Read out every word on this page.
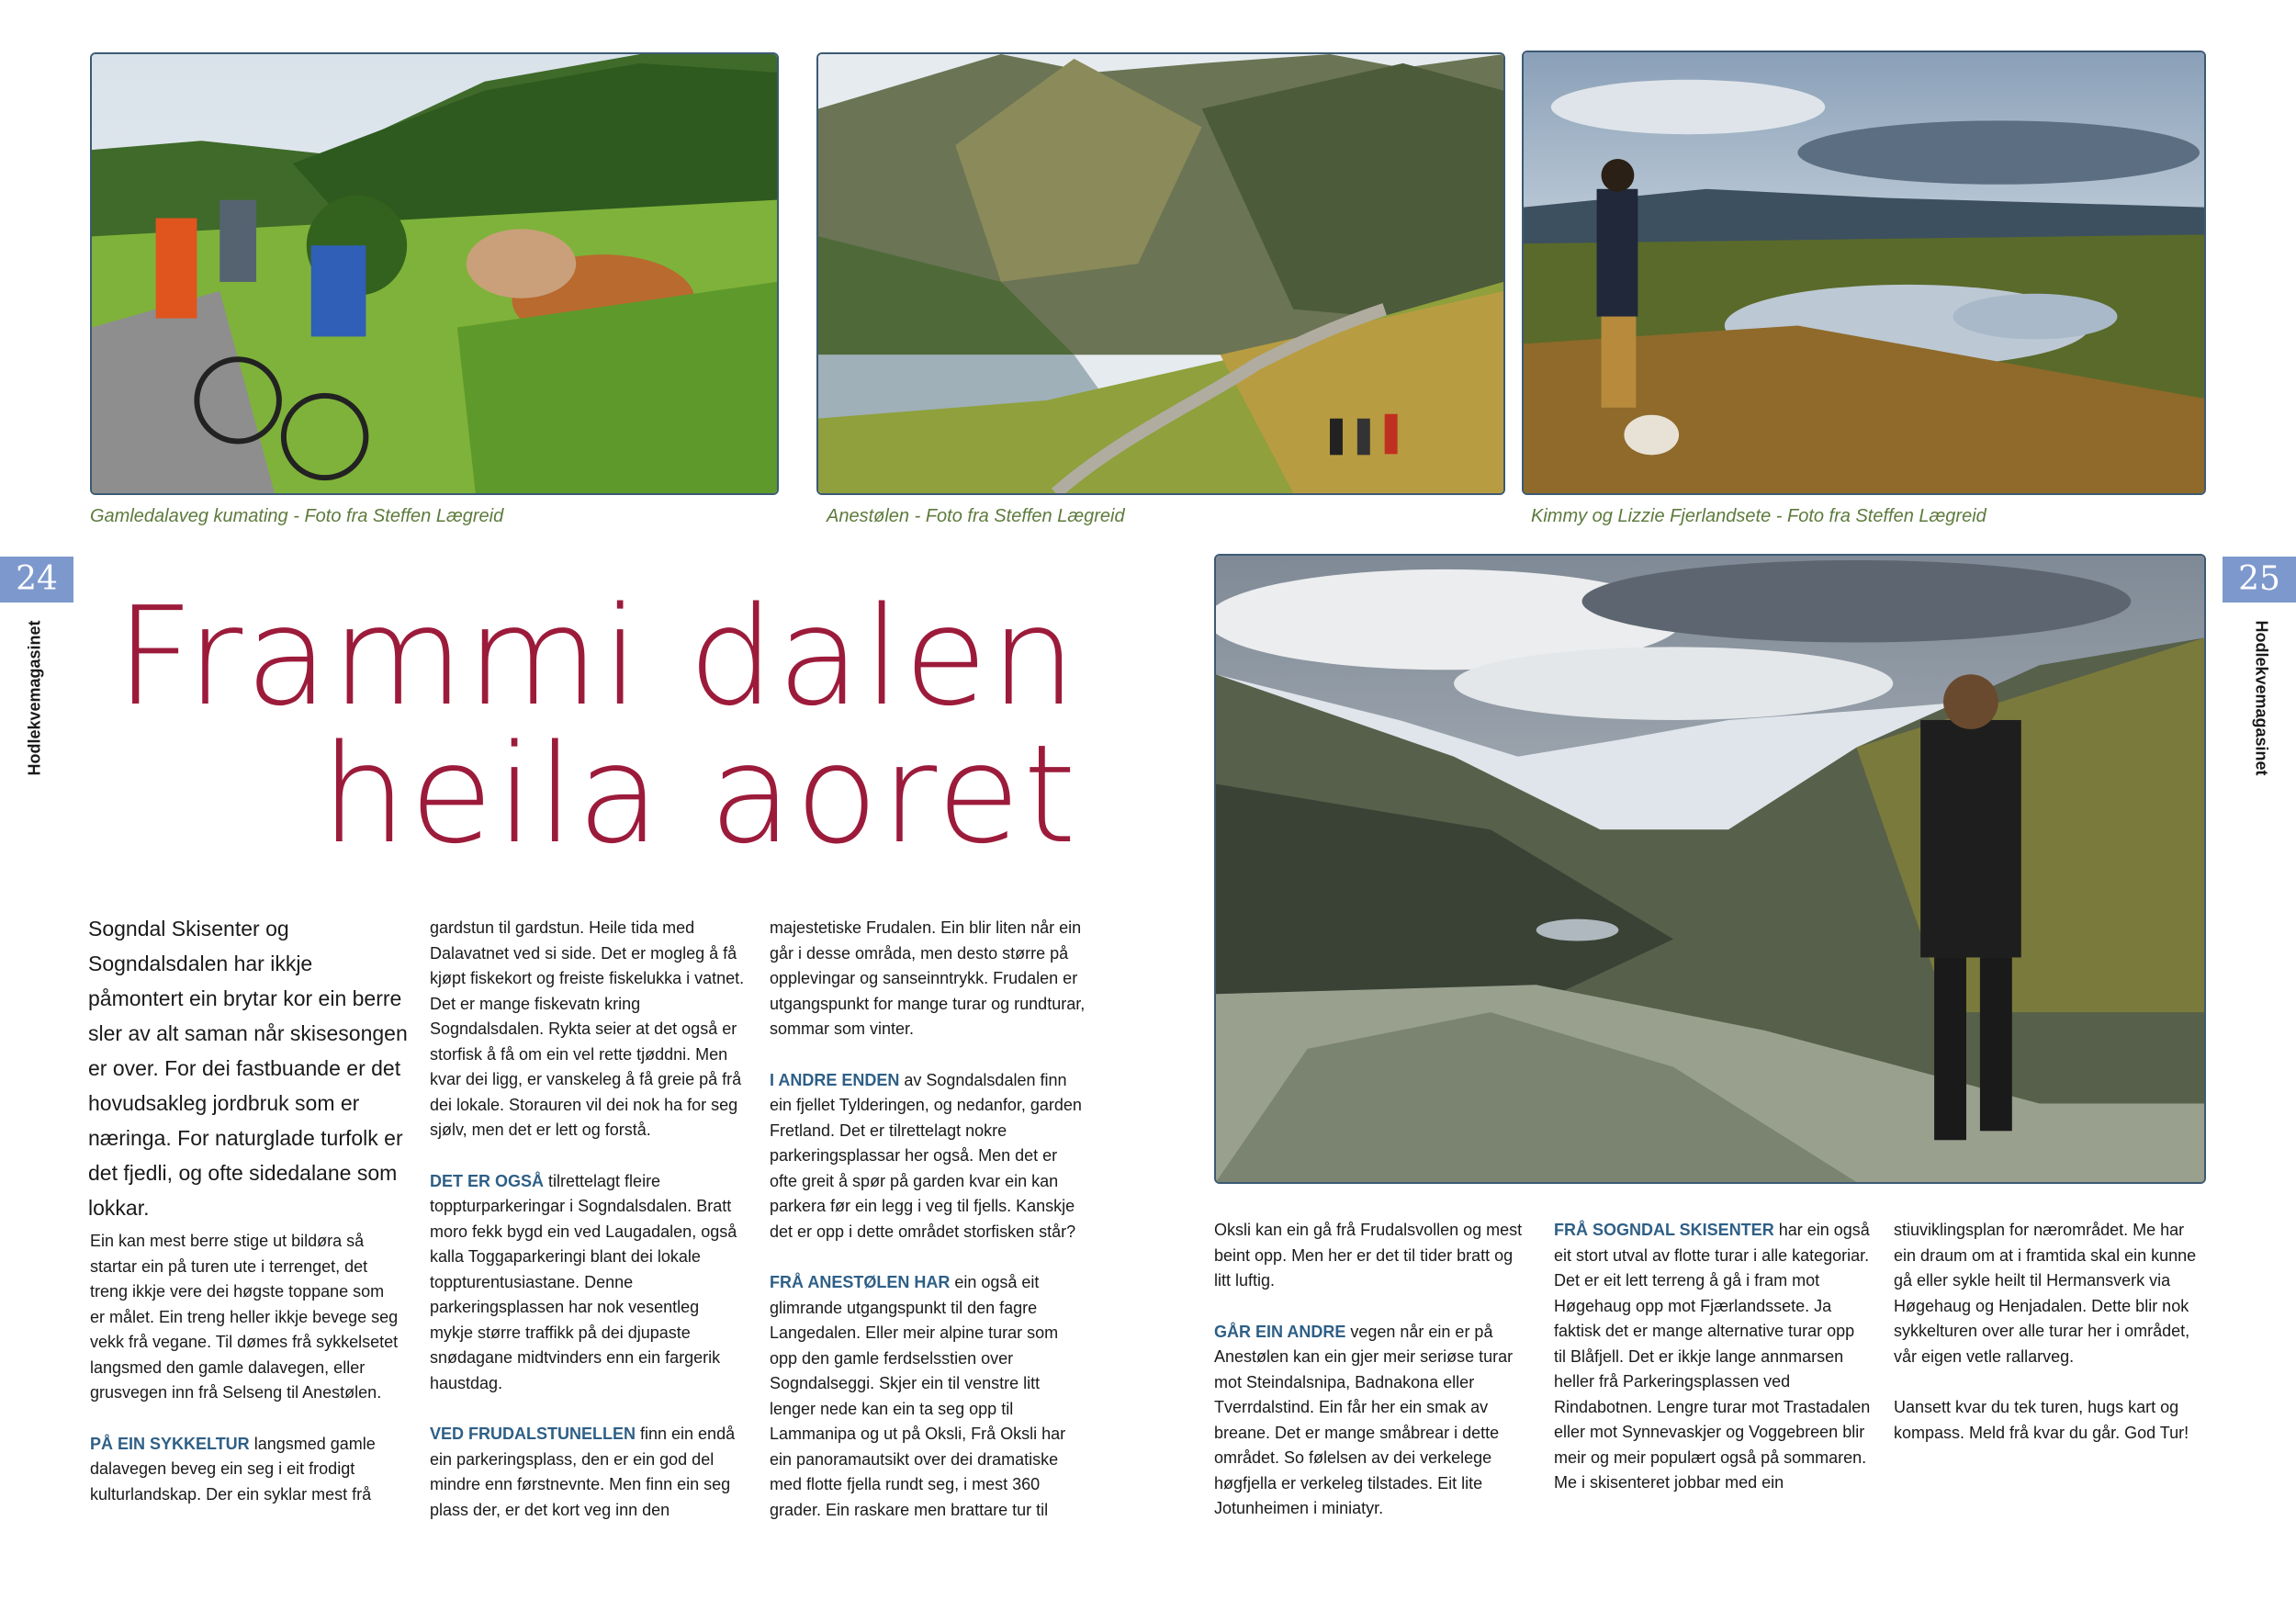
Gamledalaveg kumating - Foto fra Steffen Lægreid	Anestølen - Foto fra Steffen Lægreid	Kimmy og Lizzie Fjerlandsete - Foto fra Steffen Lægreid
24	25
Hodlekvemagasinet	Hodlekvemagasinet
Frammi dalen
heila aoret
Sogndal Skisenter og Sogndalsdalen har ikkje påmontert ein brytar kor ein berre sler av alt saman når skisesongen er over. For dei fastbuande er det hovudsakleg jordbruk som er næringa. For naturglade turfolk er det fjedli, og ofte sidedalane som lokkar.

Ein kan mest berre stige ut bildøra så startar ein på turen ute i terrenget, det treng ikkje vere dei høgste toppane som er målet. Ein treng heller ikkje bevege seg vekk frå vegane. Til dømes frå sykkelsetet langsmed den gamle dalavegen, eller grusvegen inn frå Selseng til Anestølen.

PÅ EIN SYKKELTUR langsmed gamle dalavegen beveg ein seg i eit frodigt kulturlandskap. Der ein syklar mest frå

gardstun til gardstun. Heile tida med Dalavatnet ved si side. Det er mogleg å få kjøpt fiskekort og freiste fiskelukka i vatnet. Det er mange fiskevatn kring Sogndalsdalen. Rykta seier at det også er storfisk å få om ein vel rette tjøddni. Men kvar dei ligg, er vanskeleg å få greie på frå dei lokale. Storauren vil dei nok ha for seg sjølv, men det er lett og forstå.

DET ER OGSÅ tilrettelagt fleire toppturparkeringar i Sogndalsdalen. Bratt moro fekk bygd ein ved Laugadalen, også kalla Toggaparkeringi blant dei lokale toppturentusiastane. Denne parkeringsplassen har nok vesentleg mykje større traffikk på dei djupaste snødagane midtvinders enn ein fargerik haustdag.

VED FRUDALSTUNELLEN finn ein endå ein parkeringsplass, den er ein god del mindre enn førstnevnte. Men finn ein seg plass der, er det kort veg inn den

majestetiske Frudalen. Ein blir liten når ein går i desse områda, men desto større på opplevingar og sanseinntrykk. Frudalen er utgangspunkt for mange turar og rundturar, sommar som vinter.

I ANDRE ENDEN av Sogndalsdalen finn ein fjellet Tylderingen, og nedanfor, garden Fretland. Det er tilrettelagt nokre parkeringsplassar her også. Men det er ofte greit å spør på garden kvar ein kan parkera før ein legg i veg til fjells. Kanskje det er opp i dette området storfisken står?

FRÅ ANESTØLEN HAR ein også eit glimrande utgangspunkt til den fagre Langedalen. Eller meir alpine turar som opp den gamle ferdselsstien over Sogndalseggi. Skjer ein til venstre litt lenger nede kan ein ta seg opp til Lammanipa og ut på Oksli, Frå Oksli har ein panoramautsikt over dei dramatiske med flotte fjella rundt seg, i mest 360 grader. Ein raskare men brattare tur til

Oksli kan ein gå frå Frudalsvollen og mest beint opp. Men her er det til tider bratt og litt luftig.

GÅR EIN ANDRE vegen når ein er på Anestølen kan ein gjer meir seriøse turar mot Steindalsnipa, Badnakona eller Tverrdalstind. Ein får her ein smak av breane. Det er mange småbrear i dette området. So følelsen av dei verkelege høgfjella er verkeleg tilstades. Eit lite Jotunheimen i miniatyr.

FRÅ SOGNDAL SKISENTER har ein også eit stort utval av flotte turar i alle kategoriar. Det er eit lett terreng å gå i fram mot Høgehaug opp mot Fjærlandssete. Ja faktisk det er mange alternative turar opp til Blåfjell. Det er ikkje lange annmarsen heller frå Parkeringsplassen ved Rindabotnen. Lengre turar mot Trastadalen eller mot Synnevaskjer og Voggebreen blir meir og meir populært også på sommaren. Me i skisenteret jobbar med ein

stiuviklingsplan for nærområdet. Me har ein draum om at i framtida skal ein kunne gå eller sykle heilt til Hermansverk via Høgehaug og Henjadalen. Dette blir nok sykkelturen over alle turar her i området, vår eigen vetle rallarveg.

Uansett kvar du tek turen, hugs kart og kompass. Meld frå kvar du går. God Tur!
